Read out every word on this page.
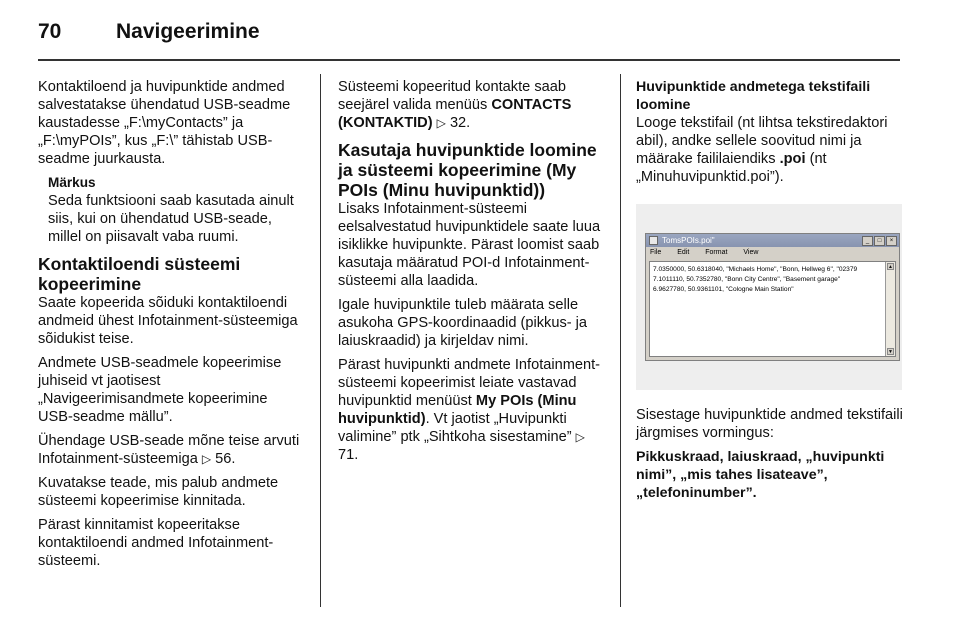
70	Navigeerimine

Kontaktiloend ja huvipunktide andmed salvestatakse ühendatud USB-seadme kaustadesse „F:\myContacts” ja „F:\myPOIs”, kus „F:\” tähistab USB-seadme juurkausta.

Märkus
Seda funktsiooni saab kasutada ainult siis, kui on ühendatud USB-seade, millel on piisavalt vaba ruumi.
Kontaktiloendi süsteemi kopeerimine

Saate kopeerida sõiduki kontaktiloendi andmeid ühest Infotainment-süsteemiga sõidukist teise.

Andmete USB-seadmele kopeerimise juhiseid vt jaotisest „Navigeerimisandmete kopeerimine USB-seadme mällu”.

Ühendage USB-seade mõne teise arvuti Infotainment-süsteemiga ▷ 56.

Kuvatakse teade, mis palub andmete süsteemi kopeerimise kinnitada.

Pärast kinnitamist kopeeritakse kontaktiloendi andmed Infotainment-süsteemi.

Süsteemi kopeeritud kontakte saab seejärel valida menüüs CONTACTS (KONTAKTID) ▷ 32.

Kasutaja huvipunktide loomine ja süsteemi kopeerimine (My POIs (Minu huvipunktid))

Lisaks Infotainment-süsteemi eelsalvestatud huvipunktidele saate luua isiklikke huvipunkte. Pärast loomist saab kasutaja määratud POI-d Infotainment-süsteemi alla laadida.

Igale huvipunktile tuleb määrata selle asukoha GPS-koordinaadid (pikkus- ja laiuskraadid) ja kirjeldav nimi.

Pärast huvipunkti andmete Infotainment-süsteemi kopeerimist leiate vastavad huvipunktid menüüst My POIs (Minu huvipunktid). Vt jaotist „Huvipunkti valimine” ptk „Sihtkoha sisestamine” ▷ 71.

Huvipunktide andmetega tekstifaili loomine

Looge tekstifail (nt lihtsa tekstiredaktori abil), andke sellele soovitud nimi ja määrake faililaiendiks .poi (nt „Minuhuvipunktid.poi”).

TomsPOIs.poi"	_ □ ×
File Edit Format View
7.0350000, 50.6318040, "Michaels Home", "Bonn, Hellweg 6", "02379
7.1011110, 50.7352780, "Bonn City Centre", "Basement garage"
6.9627780, 50.9361101, "Cologne Main Station"
▲
▼

Sisestage huvipunktide andmed tekstifaili järgmises vormingus:

Pikkuskraad, laiuskraad, „huvipunkti nimi”, „mis tahes lisateave”, „telefoninumber”.
